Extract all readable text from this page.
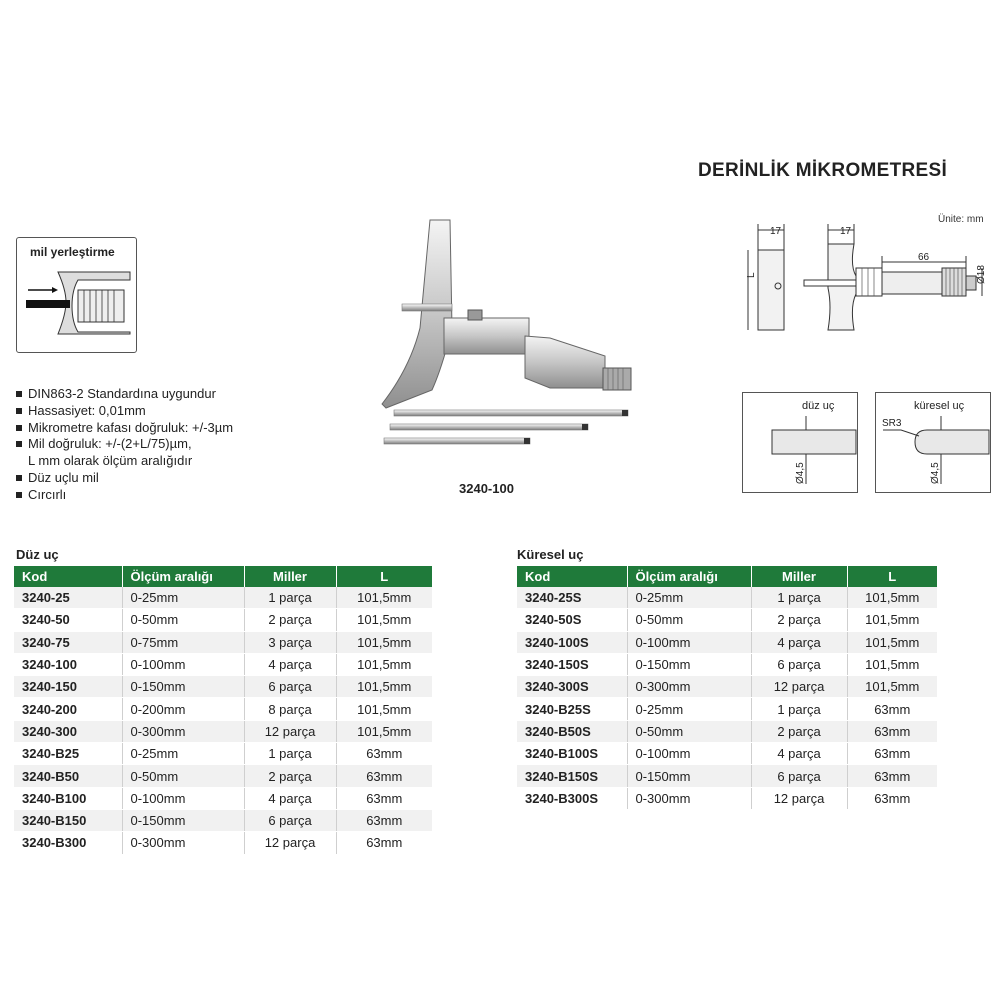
DERİNLİK MİKROMETRESİ
Ünite: mm
mil yerleştirme
3240-100
DIN863-2 Standardına uygundur
Hassasiyet: 0,01mm
Mikrometre kafası doğruluk: +/-3µm
Mil doğruluk: +/-(2+L/75)µm,
L mm olarak ölçüm aralığıdır
Düz uçlu mil
Cırcırlı
17	17
66
Ø18
L
düz uç
Ø4,5
küresel uç
SR3
Ø4,5
Düz uç
Kod	Ölçüm aralığı	Miller	L
3240-25	0-25mm	1 parça	101,5mm
3240-50	0-50mm	2 parça	101,5mm
3240-75	0-75mm	3 parça	101,5mm
3240-100	0-100mm	4 parça	101,5mm
3240-150	0-150mm	6 parça	101,5mm
3240-200	0-200mm	8 parça	101,5mm
3240-300	0-300mm	12 parça	101,5mm
3240-B25	0-25mm	1 parça	63mm
3240-B50	0-50mm	2 parça	63mm
3240-B100	0-100mm	4 parça	63mm
3240-B150	0-150mm	6 parça	63mm
3240-B300	0-300mm	12 parça	63mm
Küresel uç
Kod	Ölçüm aralığı	Miller	L
3240-25S	0-25mm	1 parça	101,5mm
3240-50S	0-50mm	2 parça	101,5mm
3240-100S	0-100mm	4 parça	101,5mm
3240-150S	0-150mm	6 parça	101,5mm
3240-300S	0-300mm	12 parça	101,5mm
3240-B25S	0-25mm	1 parça	63mm
3240-B50S	0-50mm	2 parça	63mm
3240-B100S	0-100mm	4 parça	63mm
3240-B150S	0-150mm	6 parça	63mm
3240-B300S	0-300mm	12 parça	63mm
